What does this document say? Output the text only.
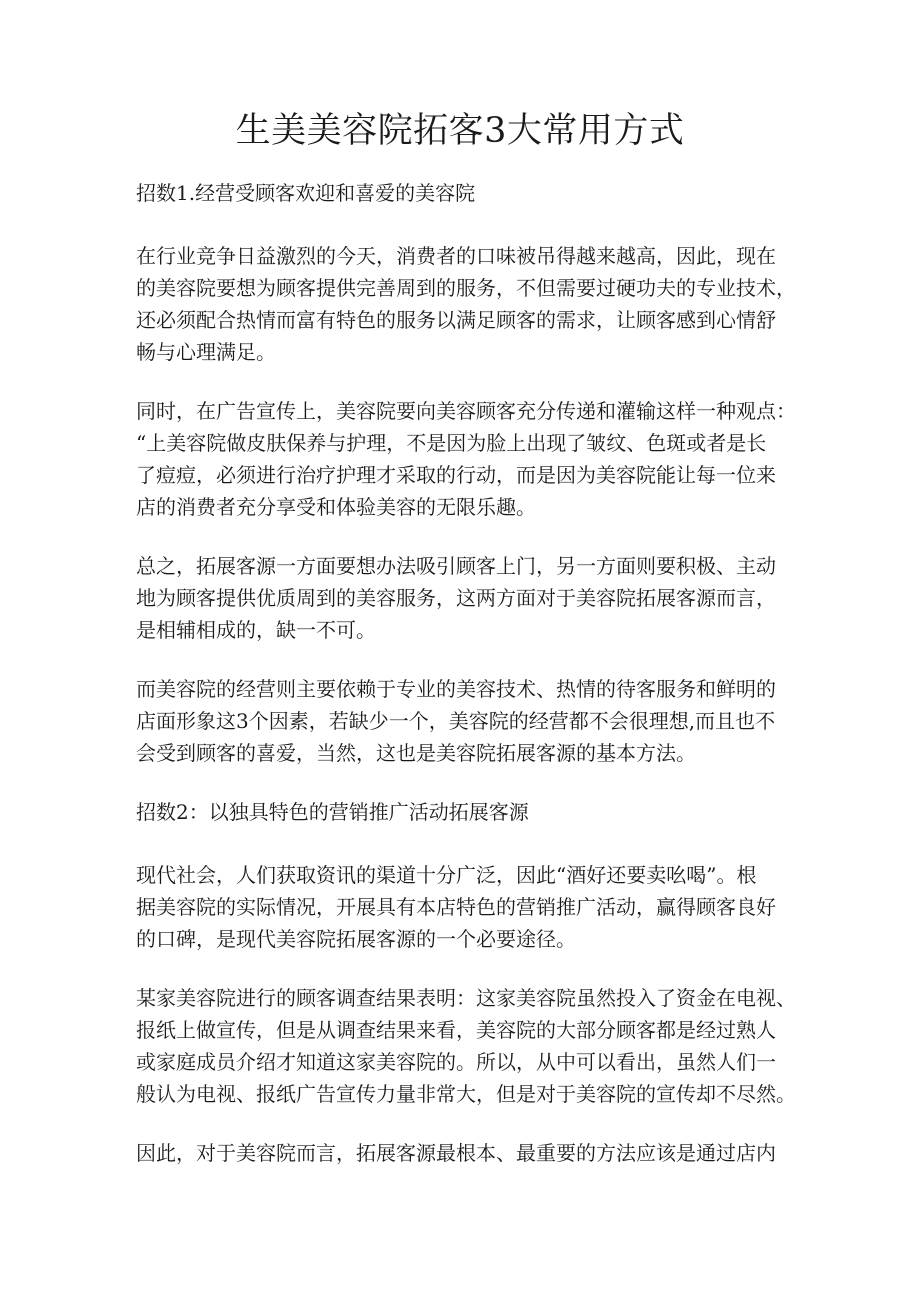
生美美容院拓客3大常用方式

招数1.经营受顾客欢迎和喜爱的美容院

在行业竞争日益激烈的今天，消费者的口味被吊得越来越高，因此，现在
的美容院要想为顾客提供完善周到的服务，不但需要过硬功夫的专业技术，
还必须配合热情而富有特色的服务以满足顾客的需求，让顾客感到心情舒
畅与心理满足。

同时，在广告宣传上，美容院要向美容顾客充分传递和灌输这样一种观点：
“上美容院做皮肤保养与护理，不是因为脸上出现了皱纹、色斑或者是长
了痘痘，必须进行治疗护理才采取的行动，而是因为美容院能让每一位来
店的消费者充分享受和体验美容的无限乐趣。

总之，拓展客源一方面要想办法吸引顾客上门，另一方面则要积极、主动
地为顾客提供优质周到的美容服务，这两方面对于美容院拓展客源而言，
是相辅相成的，缺一不可。

而美容院的经营则主要依赖于专业的美容技术、热情的待客服务和鲜明的
店面形象这3个因素，若缺少一个，美容院的经营都不会很理想,而且也不
会受到顾客的喜爱，当然，这也是美容院拓展客源的基本方法。

招数2：以独具特色的营销推广活动拓展客源

现代社会，人们获取资讯的渠道十分广泛，因此“酒好还要卖吆喝”。根
据美容院的实际情况，开展具有本店特色的营销推广活动，赢得顾客良好
的口碑，是现代美容院拓展客源的一个必要途径。

某家美容院进行的顾客调查结果表明：这家美容院虽然投入了资金在电视、
报纸上做宣传，但是从调查结果来看，美容院的大部分顾客都是经过熟人
或家庭成员介绍才知道这家美容院的。所以，从中可以看出，虽然人们一
般认为电视、报纸广告宣传力量非常大，但是对于美容院的宣传却不尽然。

因此，对于美容院而言，拓展客源最根本、最重要的方法应该是通过店内
